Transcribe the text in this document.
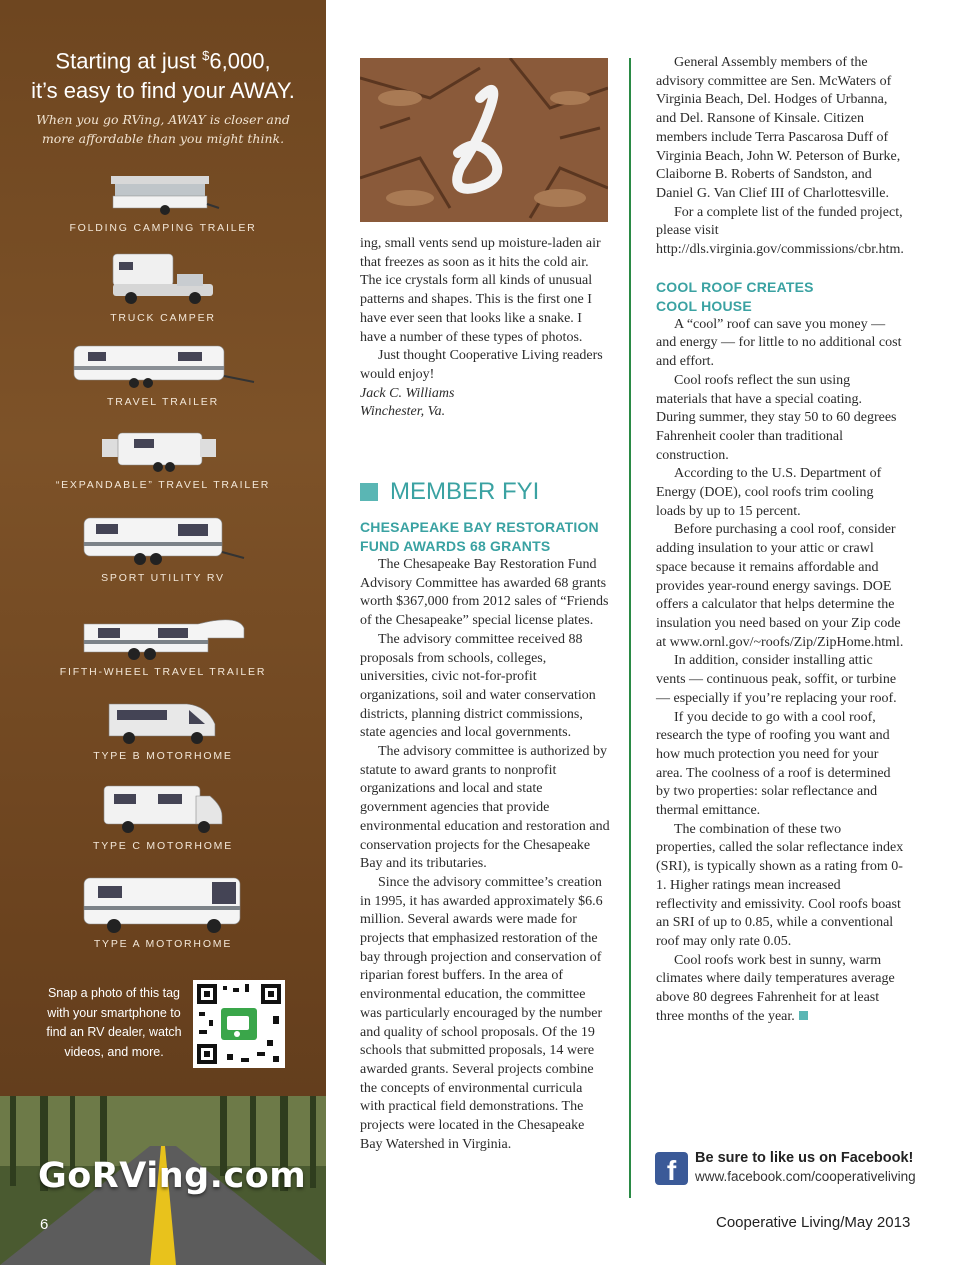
Starting at just $6,000,
it’s easy to find your AWAY.
When you go RVing, AWAY is closer and more affordable than you might think.
FOLDING CAMPING TRAILER
TRUCK CAMPER
TRAVEL TRAILER
“EXPANDABLE” TRAVEL TRAILER
SPORT UTILITY RV
FIFTH-WHEEL TRAVEL TRAILER
TYPE B MOTORHOME
TYPE C MOTORHOME
TYPE A MOTORHOME
Snap a photo of this tag with your smartphone to find an RV dealer, watch videos, and more.
GoRVing.com
6

ing, small vents send up moisture-laden air that freezes as soon as it hits the cold air. The ice crystals form all kinds of unusual patterns and shapes. This is the first one I have ever seen that looks like a snake. I have a number of these types of photos.

Just thought Cooperative Living readers would enjoy!

Jack C. Williams
Winchester, Va.
MEMBER FYI
CHESAPEAKE BAY RESTORATION
FUND AWARDS 68 GRANTS

The Chesapeake Bay Restoration Fund Advisory Committee has awarded 68 grants worth $367,000 from 2012 sales of “Friends of the Chesapeake” special license plates.

The advisory committee received 88 proposals from schools, colleges, universities, civic not-for-profit organizations, soil and water conservation districts, planning district commissions, state agencies and local governments.

The advisory committee is authorized by statute to award grants to nonprofit organizations and local and state government agencies that provide environmental education and restoration and conservation projects for the Chesapeake Bay and its tributaries.

Since the advisory committee’s creation in 1995, it has awarded approximately $6.6 million. Several awards were made for projects that emphasized restoration of the bay through projection and conservation of riparian forest buffers. In the area of environmental education, the committee was particularly encouraged by the number and quality of school proposals. Of the 19 schools that submitted proposals, 14 were awarded grants. Several projects combine the concepts of environmental curricula with practical field demonstrations. The projects were located in the Chesapeake Bay Watershed in Virginia.

General Assembly members of the advisory committee are Sen. McWaters of Virginia Beach, Del. Hodges of Urbanna, and Del. Ransone of Kinsale. Citizen members include Terra Pascarosa Duff of Virginia Beach, John W. Peterson of Burke, Claiborne B. Roberts of Sandston, and Daniel G. Van Clief III of Charlottesville.

For a complete list of the funded project, please visit http://dls.virginia.gov/commissions/cbr.htm.

COOL ROOF CREATES
COOL HOUSE

A “cool” roof can save you money — and energy — for little to no additional cost and effort.

Cool roofs reflect the sun using materials that have a special coating. During summer, they stay 50 to 60 degrees Fahrenheit cooler than traditional construction.

According to the U.S. Department of Energy (DOE), cool roofs trim cooling loads by up to 15 percent.

Before purchasing a cool roof, consider adding insulation to your attic or crawl space because it remains affordable and provides year-round energy savings. DOE offers a calculator that helps determine the insulation you need based on your Zip code at www.ornl.gov/~roofs/Zip/ZipHome.html.

In addition, consider installing attic vents — continuous peak, soffit, or turbine — especially if you’re replacing your roof.

If you decide to go with a cool roof, research the type of roofing you want and how much protection you need for your area. The coolness of a roof is determined by two properties: solar reflectance and thermal emittance.

The combination of these two properties, called the solar reflectance index (SRI), is typically shown as a rating from 0-1. Higher ratings mean increased reflectivity and emissivity. Cool roofs boast an SRI of up to 0.85, while a conventional roof may only rate 0.05.

Cool roofs work best in sunny, warm climates where daily temperatures average above 80 degrees Fahrenheit for at least three months of the year.

f	Be sure to like us on Facebook!
www.facebook.com/cooperativeliving
Cooperative Living/May 2013
